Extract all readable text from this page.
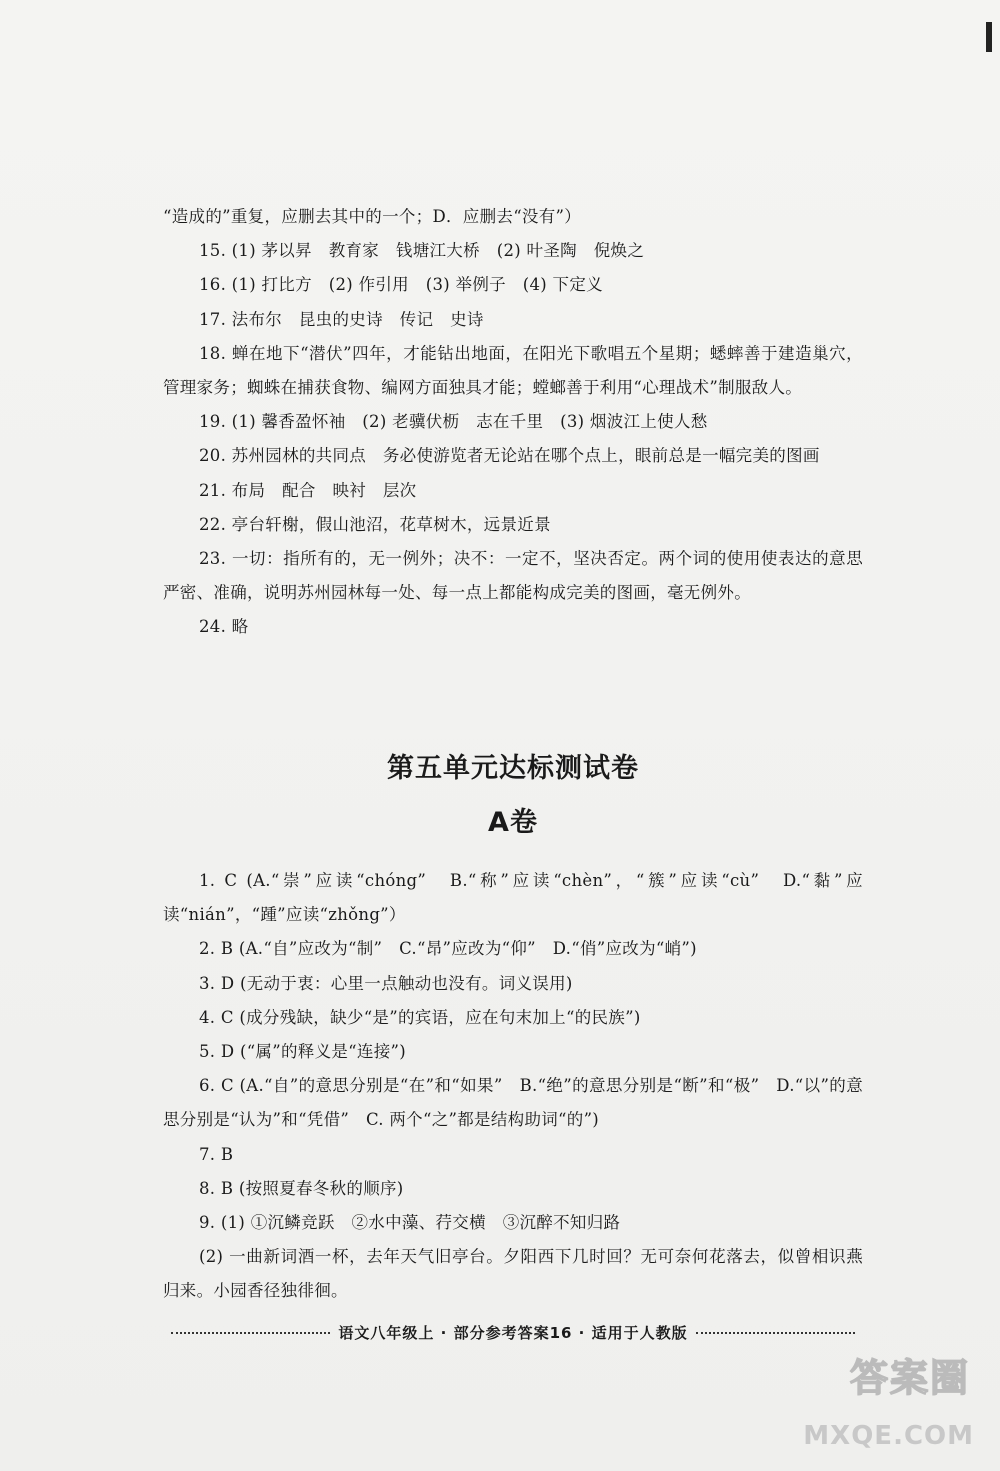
“造成的”重复，应删去其中的一个；D．应删去“没有”）

15. (1) 茅以昇　教育家　钱塘江大桥　(2) 叶圣陶　倪焕之

16. (1) 打比方　(2) 作引用　(3) 举例子　(4) 下定义

17. 法布尔　昆虫的史诗　传记　史诗

18. 蝉在地下“潜伏”四年，才能钻出地面，在阳光下歌唱五个星期；蟋蟀善于建造巢穴，管理家务；蜘蛛在捕获食物、编网方面独具才能；螳螂善于利用“心理战术”制服敌人。

19. (1) 馨香盈怀袖　(2) 老骥伏枥　志在千里　(3) 烟波江上使人愁

20. 苏州园林的共同点　务必使游览者无论站在哪个点上，眼前总是一幅完美的图画

21. 布局　配合　映衬　层次

22. 亭台轩榭，假山池沼，花草树木，远景近景

23. 一切：指所有的，无一例外；决不：一定不，坚决否定。两个词的使用使表达的意思严密、准确，说明苏州园林每一处、每一点上都能构成完美的图画，毫无例外。

24. 略

第五单元达标测试卷
A卷

1. C (A.“崇”应读“chóng”　B.“称”应读“chèn”，“簇”应读“cù”　D.“黏”应读“nián”，“踵”应读“zhǒng”）

2. B (A.“自”应改为“制”　C.“昂”应改为“仰”　D.“俏”应改为“峭”)

3. D (无动于衷：心里一点触动也没有。词义误用)

4. C (成分残缺，缺少“是”的宾语，应在句末加上“的民族”)

5. D (“属”的释义是“连接”)

6. C (A.“自”的意思分别是“在”和“如果”　B.“绝”的意思分别是“断”和“极”　D.“以”的意思分别是“认为”和“凭借”　C. 两个“之”都是结构助词“的”)

7. B

8. B (按照夏春冬秋的顺序)

9. (1) ①沉鳞竞跃　②水中藻、荇交横　③沉醉不知归路

(2) 一曲新词酒一杯，去年天气旧亭台。夕阳西下几时回？无可奈何花落去，似曾相识燕归来。小园香径独徘徊。

语文八年级上 · 部分参考答案16 · 适用于人教版
答案圈
MXQE.COM
